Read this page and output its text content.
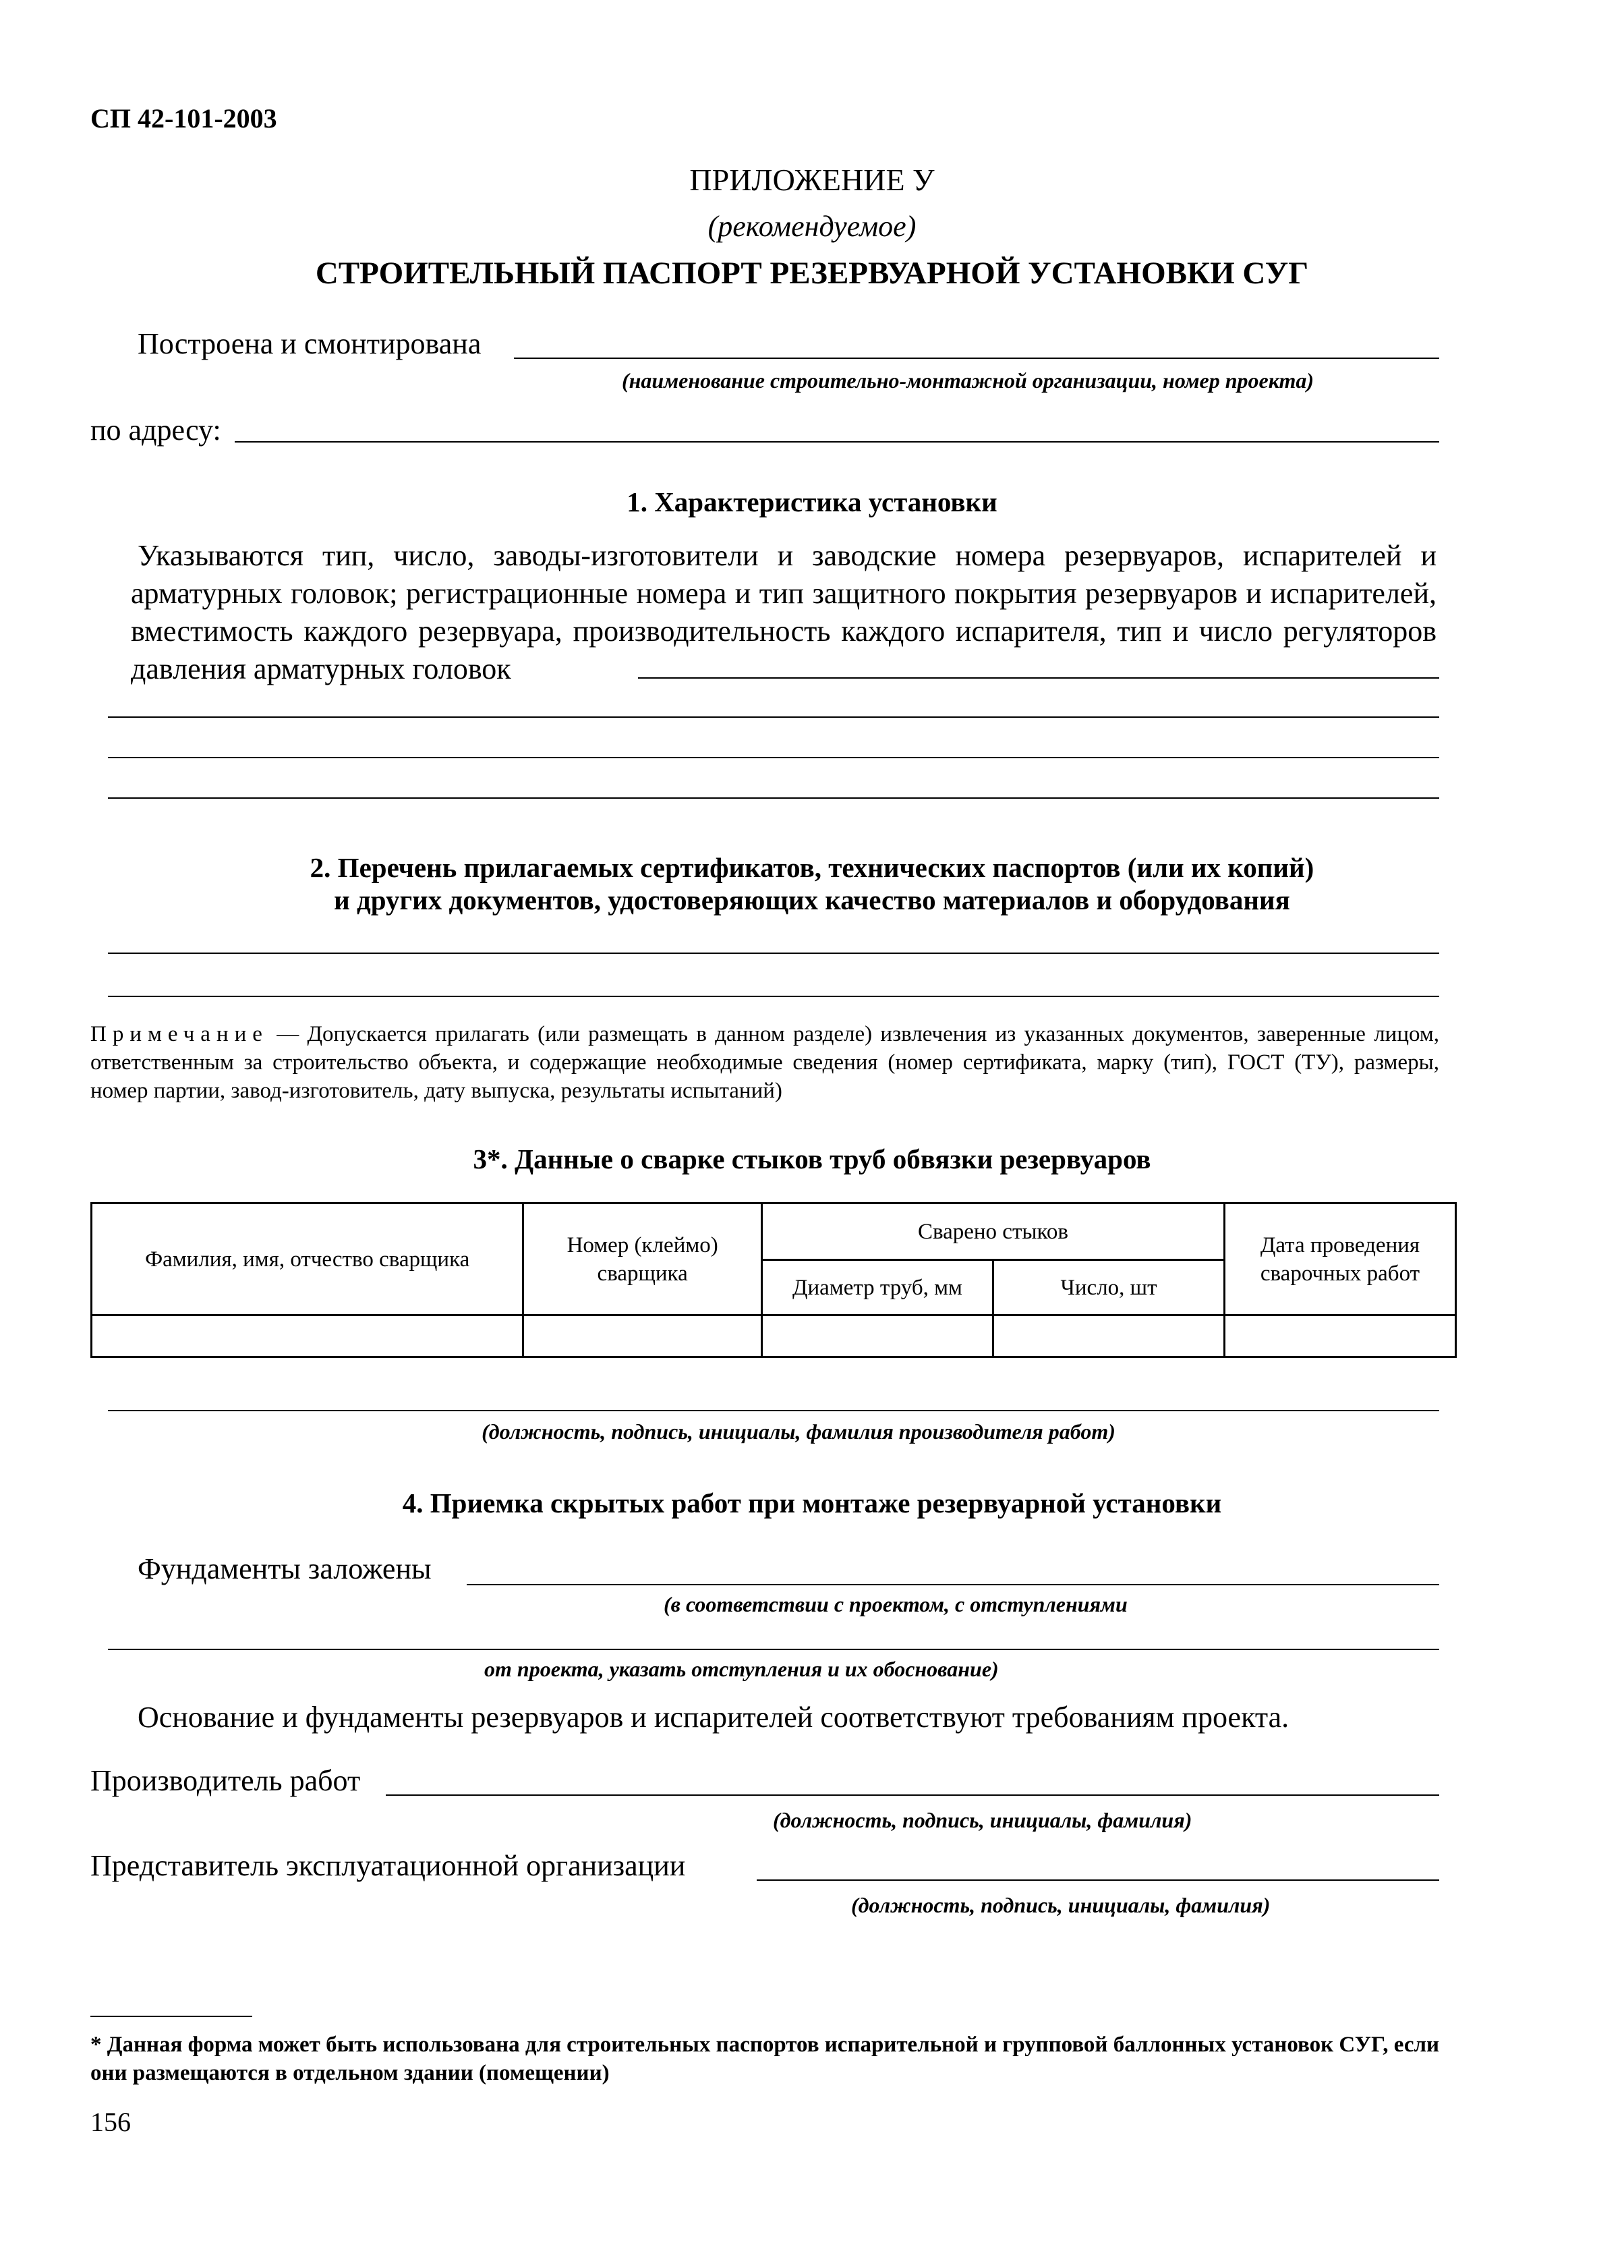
СП 42-101-2003
ПРИЛОЖЕНИЕ У
(рекомендуемое)
СТРОИТЕЛЬНЫЙ ПАСПОРТ РЕЗЕРВУАРНОЙ УСТАНОВКИ СУГ
Построена и смонтирована
(наименование строительно-монтажной организации, номер проекта)
по адресу:
1. Характеристика установки
Указываются тип, число, заводы-изготовители и заводские номера резервуаров, испарителей и арматурных головок; регистрационные номера и тип защитного покрытия резервуаров и испарителей, вместимость каждого резервуара, производительность каждого испарителя, тип и число регуляторов давления арматурных головок
2. Перечень прилагаемых сертификатов, технических паспортов (или их копий)
и других документов, удостоверяющих качество материалов и оборудования
Примечание — Допускается прилагать (или размещать в данном разделе) извлечения из указанных документов, заверенные лицом, ответственным за строительство объекта, и содержащие необходимые сведения (номер сертификата, марку (тип), ГОСТ (ТУ), размеры, номер партии, завод-изготовитель, дату выпуска, результаты испытаний)
3*. Данные о сварке стыков труб обвязки резервуаров
Фамилия, имя, отчество сварщика	Номер (клеймо) сварщика	Сварено стыков		Дата проведения сварочных работ
		Диаметр труб, мм	Число, шт	

(должность, подпись, инициалы, фамилия производителя работ)
4. Приемка скрытых работ при монтаже резервуарной установки
Фундаменты заложены
(в соответствии с проектом, с отступлениями
от проекта, указать отступления и их обоснование)
Основание и фундаменты резервуаров и испарителей соответствуют требованиям проекта.
Производитель работ
(должность, подпись, инициалы, фамилия)
Представитель эксплуатационной организации
(должность, подпись, инициалы, фамилия)
* Данная форма может быть использована для строительных паспортов испарительной и групповой баллонных установок СУГ, если они размещаются в отдельном здании (помещении)
156
